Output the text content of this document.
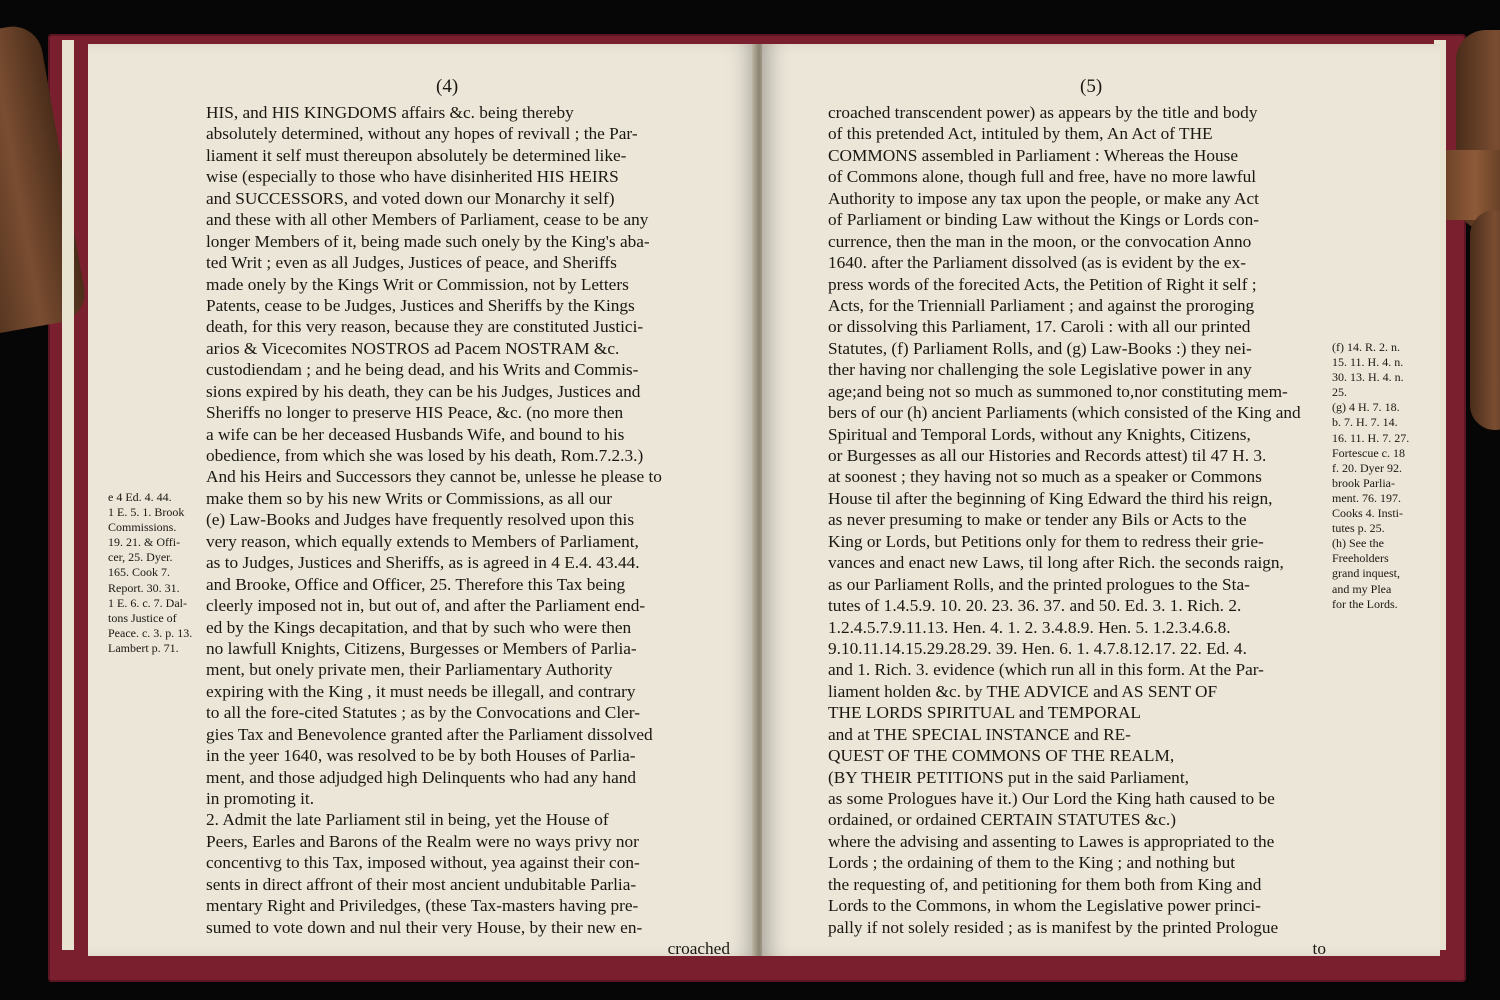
(4)
HIS, and HIS KINGDOMS affairs &c. being thereby
absolutely determined, without any hopes of revivall ; the Par-
liament it self must thereupon absolutely be determined like-
wise (especially to those who have disinherited HIS HEIRS
and SUCCESSORS, and voted down our Monarchy it self)
and these with all other Members of Parliament, cease to be any
longer Members of it, being made such onely by the King's aba-
ted Writ ; even as all Judges, Justices of peace, and Sheriffs
made onely by the Kings Writ or Commission, not by Letters
Patents, cease to be Judges, Justices and Sheriffs by the Kings
death, for this very reason, because they are constituted Justici-
arios & Vicecomites NOSTROS ad Pacem NOSTRAM &c.
custodiendam ; and he being dead, and his Writs and Commis-
sions expired by his death, they can be his Judges, Justices and
Sheriffs no longer to preserve HIS Peace, &c. (no more then
a wife can be her deceased Husbands Wife, and bound to his
obedience, from which she was losed by his death, Rom.7.2.3.)
And his Heirs and Successors they cannot be, unlesse he please to
make them so by his new Writs or Commissions, as all our
(e) Law-Books and Judges have frequently resolved upon this
very reason, which equally extends to Members of Parliament,
as to Judges, Justices and Sheriffs, as is agreed in 4 E.4. 43.44.
and Brooke, Office and Officer, 25. Therefore this Tax being
cleerly imposed not in, but out of, and after the Parliament end-
ed by the Kings decapitation, and that by such who were then
no lawfull Knights, Citizens, Burgesses or Members of Parlia-
ment, but onely private men, their Parliamentary Authority
expiring with the King , it must needs be illegall, and contrary
to all the fore-cited Statutes ; as by the Convocations and Cler-
gies Tax and Benevolence granted after the Parliament dissolved
in the yeer 1640, was resolved to be by both Houses of Parlia-
ment, and those adjudged high Delinquents who had any hand
in promoting it.
2. Admit the late Parliament stil in being, yet the House of
Peers, Earles and Barons of the Realm were no ways privy nor
concentivg to this Tax, imposed without, yea against their con-
sents in direct affront of their most ancient undubitable Parlia-
mentary Right and Priviledges, (these Tax-masters having pre-
sumed to vote down and nul their very House, by their new en-
croached
e 4 Ed. 4. 44.
1 E. 5. 1. Brook
Commissions.
19. 21. & Offi-
cer, 25. Dyer.
165. Cook 7.
Report. 30. 31.
1 E. 6. c. 7. Dal-
tons Justice of
Peace. c. 3. p. 13.
Lambert p. 71.
(5)
croached transcendent power) as appears by the title and body
of this pretended Act, intituled by them, An Act of THE
COMMONS assembled in Parliament : Whereas the House
of Commons alone, though full and free, have no more lawful
Authority to impose any tax upon the people, or make any Act
of Parliament or binding Law without the Kings or Lords con-
currence, then the man in the moon, or the convocation Anno
1640. after the Parliament dissolved (as is evident by the ex-
press words of the forecited Acts, the Petition of Right it self ;
Acts, for the Trienniall Parliament ; and against the proroging
or dissolving this Parliament, 17. Caroli : with all our printed
Statutes, (f) Parliament Rolls, and (g) Law-Books :) they nei-
ther having nor challenging the sole Legislative power in any
age;and being not so much as summoned to,nor constituting mem-
bers of our (h) ancient Parliaments (which consisted of the King and
Spiritual and Temporal Lords, without any Knights, Citizens,
or Burgesses as all our Histories and Records attest) til 47 H. 3.
at soonest ; they having not so much as a speaker or Commons
House til after the beginning of King Edward the third his reign,
as never presuming to make or tender any Bils or Acts to the
King or Lords, but Petitions only for them to redress their grie-
vances and enact new Laws, til long after Rich. the seconds raign,
as our Parliament Rolls, and the printed prologues to the Sta-
tutes of 1.4.5.9. 10. 20. 23. 36. 37. and 50. Ed. 3. 1. Rich. 2.
1.2.4.5.7.9.11.13. Hen. 4. 1. 2. 3.4.8.9. Hen. 5. 1.2.3.4.6.8.
9.10.11.14.15.29.28.29. 39. Hen. 6. 1. 4.7.8.12.17. 22. Ed. 4.
and 1. Rich. 3. evidence (which run all in this form. At the Par-
liament holden &c. by THE ADVICE and AS SENT OF
THE LORDS SPIRITUAL and TEMPORAL
and at THE SPECIAL INSTANCE and RE-
QUEST OF THE COMMONS OF THE REALM,
(BY THEIR PETITIONS put in the said Parliament,
as some Prologues have it.) Our Lord the King hath caused to be
ordained, or ordained CERTAIN STATUTES &c.)
where the advising and assenting to Lawes is appropriated to the
Lords ; the ordaining of them to the King ; and nothing but
the requesting of, and petitioning for them both from King and
Lords to the Commons, in whom the Legislative power princi-
pally if not solely resided ; as is manifest by the printed Prologue
to
(f) 14. R. 2. n.
15. 11. H. 4. n.
30. 13. H. 4. n.
25.
(g) 4 H. 7. 18.
b. 7. H. 7. 14.
16. 11. H. 7. 27.
Fortescue c. 18
f. 20. Dyer 92.
brook Parlia-
ment. 76. 197.
Cooks 4. Insti-
tutes p. 25.
(h) See the
Freeholders
grand inquest,
and my Plea
for the Lords.
